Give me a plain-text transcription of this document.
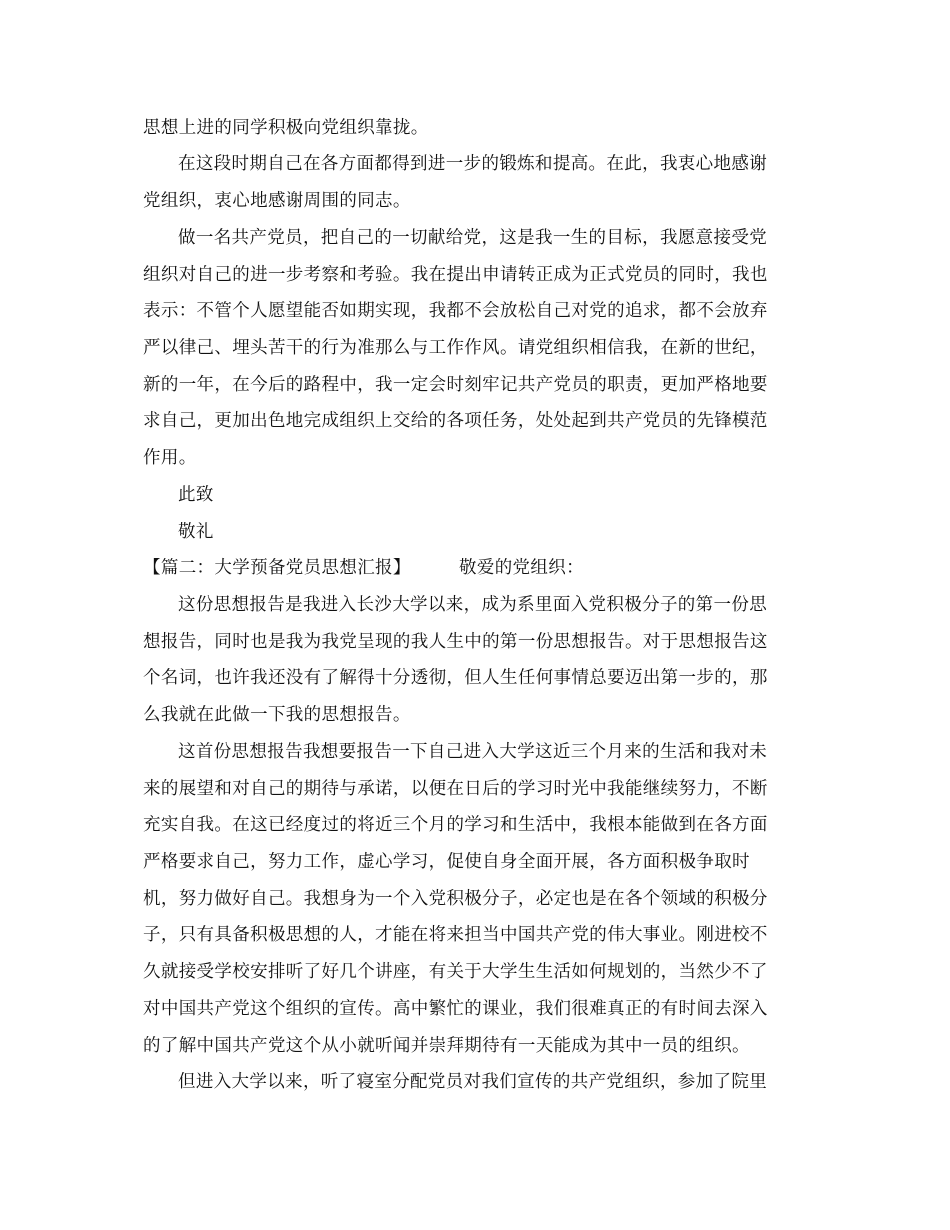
思想上进的同学积极向党组织靠拢。
在这段时期自己在各方面都得到进一步的锻炼和提高。在此，我衷心地感谢
党组织，衷心地感谢周围的同志。
做一名共产党员，把自己的一切献给党，这是我一生的目标，我愿意接受党
组织对自己的进一步考察和考验。我在提出申请转正成为正式党员的同时，我也
表示：不管个人愿望能否如期实现，我都不会放松自己对党的追求，都不会放弃
严以律己、埋头苦干的行为准那么与工作作风。请党组织相信我，在新的世纪，
新的一年，在今后的路程中，我一定会时刻牢记共产党员的职责，更加严格地要
求自己，更加出色地完成组织上交给的各项任务，处处起到共产党员的先锋模范
作用。
此致
敬礼
【篇二：大学预备党员思想汇报】	敬爱的党组织：
这份思想报告是我进入长沙大学以来，成为系里面入党积极分子的第一份思
想报告，同时也是我为我党呈现的我人生中的第一份思想报告。对于思想报告这
个名词，也许我还没有了解得十分透彻，但人生任何事情总要迈出第一步的，那
么我就在此做一下我的思想报告。
这首份思想报告我想要报告一下自己进入大学这近三个月来的生活和我对未
来的展望和对自己的期待与承诺，以便在日后的学习时光中我能继续努力，不断
充实自我。在这已经度过的将近三个月的学习和生活中，我根本能做到在各方面
严格要求自己，努力工作，虚心学习，促使自身全面开展，各方面积极争取时
机，努力做好自己。我想身为一个入党积极分子，必定也是在各个领域的积极分
子，只有具备积极思想的人，才能在将来担当中国共产党的伟大事业。刚进校不
久就接受学校安排听了好几个讲座，有关于大学生生活如何规划的，当然少不了
对中国共产党这个组织的宣传。高中繁忙的课业，我们很难真正的有时间去深入
的了解中国共产党这个从小就听闻并崇拜期待有一天能成为其中一员的组织。
但进入大学以来，听了寝室分配党员对我们宣传的共产党组织，参加了院里
